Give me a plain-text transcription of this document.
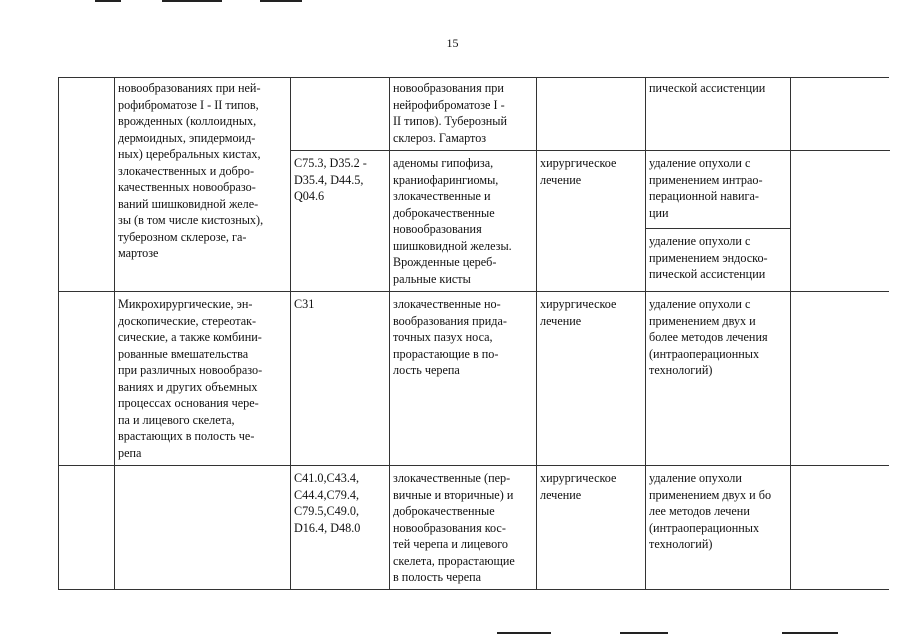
15
новообразованиях при ней-
рофиброматозе I - II типов,
врожденных (коллоидных,
дермоидных, эпидермоид-
ных) церебральных кистах,
злокачественных и добро-
качественных новообразо-
ваний шишковидной желе-
зы (в том числе кистозных),
туберозном склерозе, га-
мартозе
новообразования при
нейрофиброматозе I -
II типов). Туберозный
склероз. Гамартоз
пической ассистенции
C75.3, D35.2 -
D35.4, D44.5,
Q04.6
аденомы гипофиза,
краниофарингиомы,
злокачественные и
доброкачественные
новообразования
шишковидной железы.
Врожденные цереб-
ральные кисты
хирургическое
лечение
удаление опухоли с
применением интрао-
перационной навига-
ции
удаление опухоли с
применением эндоско-
пической ассистенции
Микрохирургические, эн-
доскопические, стереотак-
сические, а также комбини-
рованные вмешательства
при различных новообразо-
ваниях и других объемных
процессах основания чере-
па и лицевого скелета,
врастающих в полость че-
репа
C31	злокачественные но-
вообразования прида-
точных пазух носа,
прорастающие в по-
лость черепа
хирургическое
лечение
удаление опухоли с
применением двух и
более методов лечения
(интраоперационных
технологий)
C41.0,C43.4,
C44.4,C79.4,
C79.5,C49.0,
D16.4, D48.0
злокачественные (пер-
вичные и вторичные) и
доброкачественные
новообразования кос-
тей черепа и лицевого
скелета, прорастающие
в полость черепа
хирургическое
лечение
удаление опухоли
применением двух и бо
лее методов лечени
(интраоперационных
технологий)
